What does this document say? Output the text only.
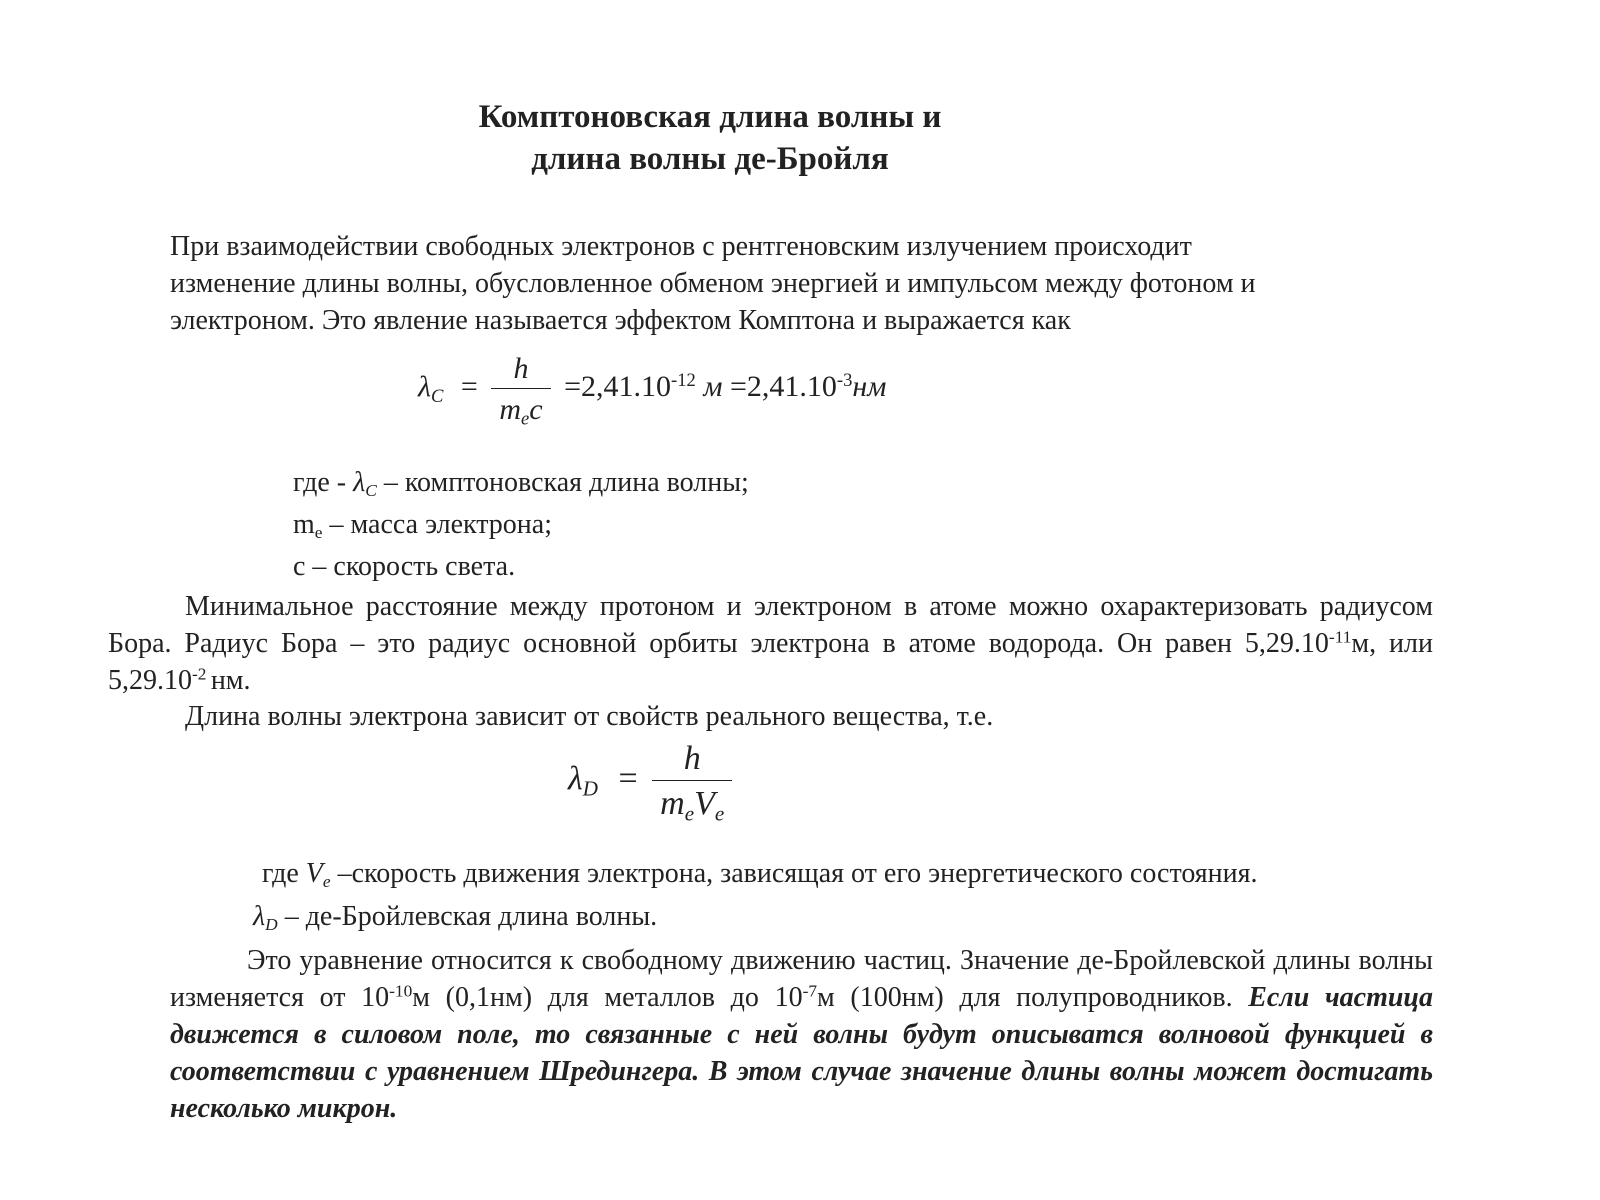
Комптоновская длина волны и
длина волны де-Бройля
При взаимодействии свободных электронов с рентгеновским излучением происходит
изменение длины волны, обусловленное обменом энергией и импульсом между фотоном и
электроном. Это явление называется эффектом Комптона и выражается как
$\lambda_C = \frac{h}{m_ec} =2,41.10^{-12}$ $м =2,41.10^{-3}нм$
где - $\lambda_C$ – комптоновская длина волны;
$m_e$ – масса электрона;
c – скорость света.
Минимальное расстояние между протоном и электроном в атоме можно охарактеризовать радиусом Бора. Радиус Бора – это радиус основной орбиты электрона в атоме водорода. Он равен $5,29.10^{-11}м$, или $5,29.10^{-2}$ нм.
Длина волны электрона зависит от свойств реального вещества, т.е.
$\lambda_D = \frac{h}{m_eV_e}$
где $V_e$ –скорость движения электрона, зависящая от его энергетического состояния.
$\lambda_D$ – де-Бройлевская длина волны.
Это уравнение относится к свободному движению частиц. Значение де-Бройлевской длины волны изменяется от $10^{-10}м$ (0,1нм) для металлов до $10^{-7}м$ (100нм) для полупроводников. Если частица движется в силовом поле, то связанные с ней волны будут описыватся волновой функцией в соответствии с уравнением Шредингера. В этом случае значение длины волны может достигать несколько микрон.
